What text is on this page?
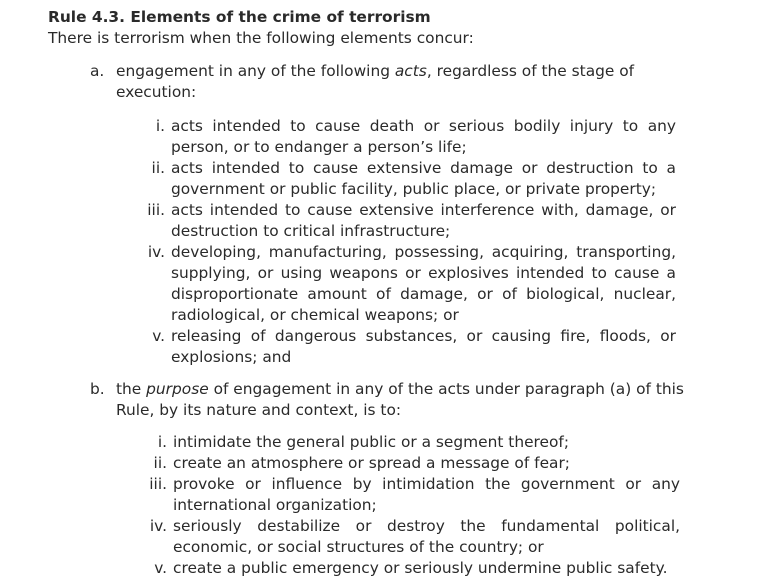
Rule 4.3. Elements of the crime of terrorism
There is terrorism when the following elements concur:
a. engagement in any of the following acts, regardless of the stage of execution:
i. acts intended to cause death or serious bodily injury to any person, or to endanger a person’s life;
ii. acts intended to cause extensive damage or destruction to a government or public facility, public place, or private property;
iii. acts intended to cause extensive interference with, damage, or destruction to critical infrastructure;
iv. developing, manufacturing, possessing, acquiring, transporting, supplying, or using weapons or explosives intended to cause a disproportionate amount of damage, or of biological, nuclear, radiological, or chemical weapons; or
v. releasing of dangerous substances, or causing fire, floods, or explosions; and
b. the purpose of engagement in any of the acts under paragraph (a) of this Rule, by its nature and context, is to:
i. intimidate the general public or a segment thereof;
ii. create an atmosphere or spread a message of fear;
iii. provoke or influence by intimidation the government or any international organization;
iv. seriously destabilize or destroy the fundamental political, economic, or social structures of the country; or
v. create a public emergency or seriously undermine public safety.
